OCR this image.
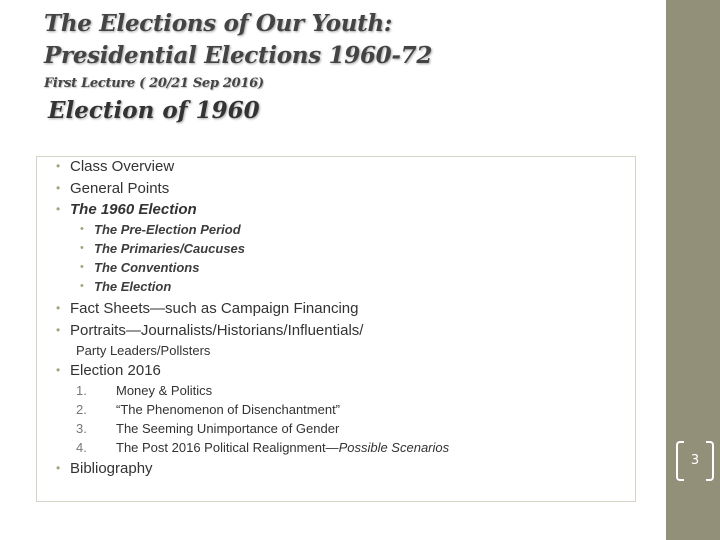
3
The Elections of Our Youth:
Presidential Elections 1960-72
First Lecture ( 20/21 Sep 2016)
Election of 1960
• Class Overview
• General Points
• The 1960 Election
• The Pre-Election Period
• The Primaries/Caucuses
• The Conventions
• The Election
• Fact Sheets—such as Campaign Financing
• Portraits—Journalists/Historians/Influentials/
Party Leaders/Pollsters
• Election 2016
1. Money & Politics
2. “The Phenomenon of Disenchantment”
3. The Seeming Unimportance of Gender
4. The Post 2016 Political Realignment—Possible Scenarios
• Bibliography
